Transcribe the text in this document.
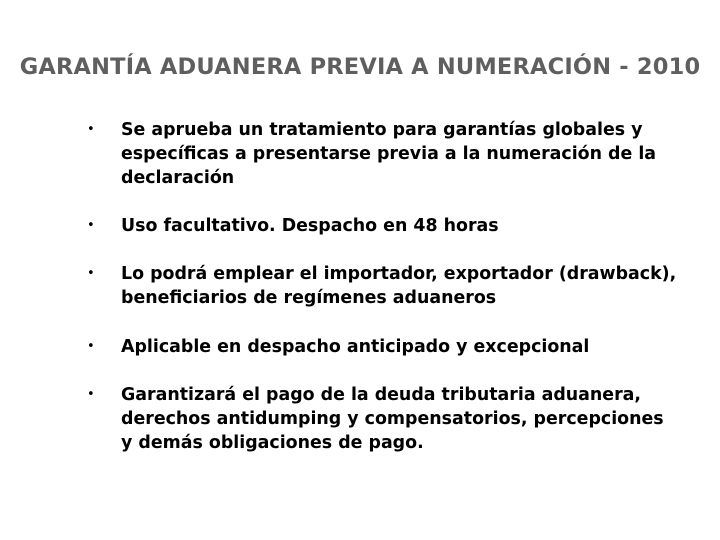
GARANTÍA ADUANERA PREVIA A NUMERACIÓN - 2010
• Se aprueba un tratamiento para garantías globales y
específicas a presentarse previa a la numeración de la
declaración

• Uso facultativo. Despacho en 48 horas

• Lo podrá emplear el importador, exportador (drawback),
beneficiarios de regímenes aduaneros

• Aplicable en despacho anticipado y excepcional

• Garantizará el pago de la deuda tributaria aduanera,
derechos antidumping y compensatorios, percepciones
y demás obligaciones de pago.
